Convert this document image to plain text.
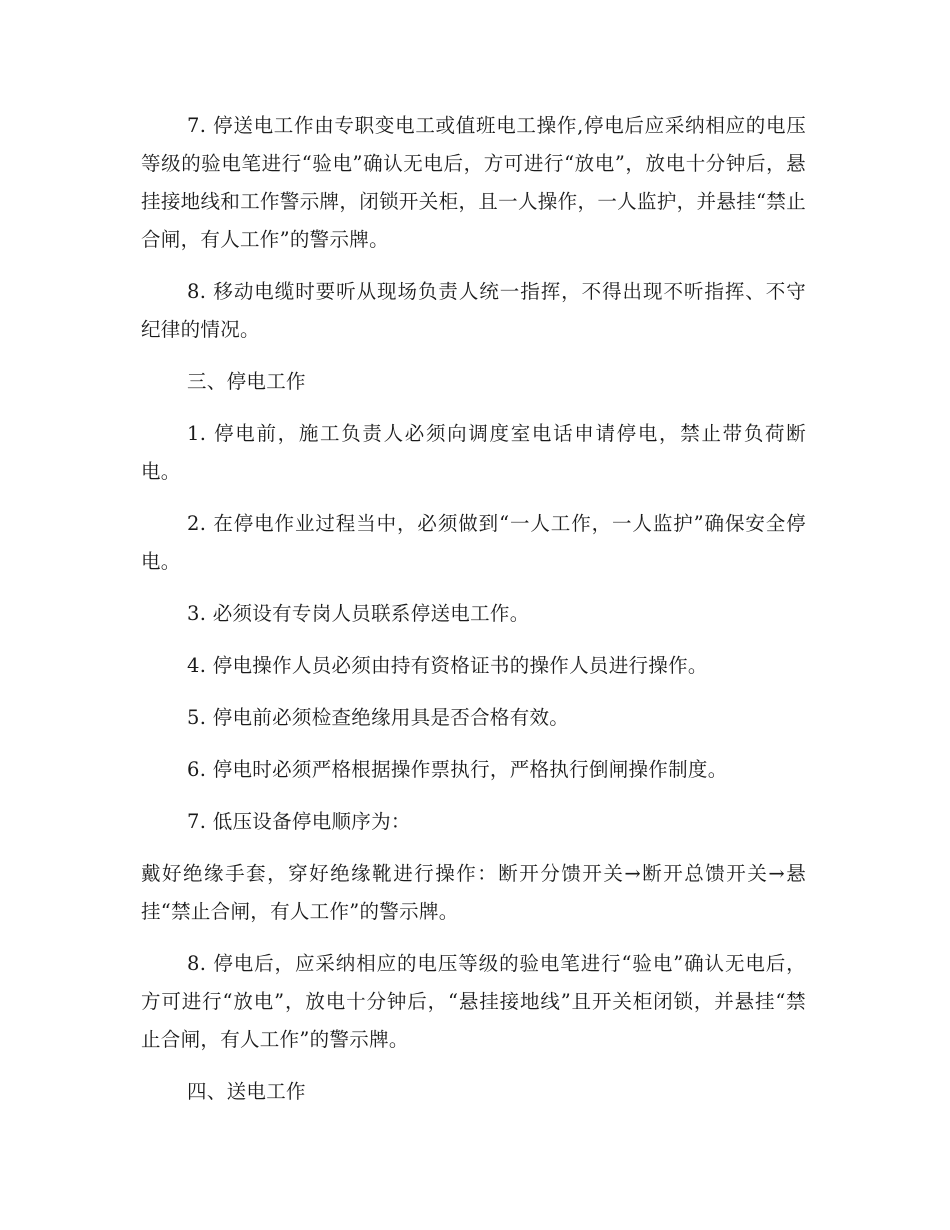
7. 停送电工作由专职变电工或值班电工操作,停电后应采纳相应的电压等级的验电笔进行“验电”确认无电后，方可进行“放电”，放电十分钟后，悬挂接地线和工作警示牌，闭锁开关柜，且一人操作，一人监护，并悬挂“禁止合闸，有人工作”的警示牌。

8. 移动电缆时要听从现场负责人统一指挥，不得出现不听指挥、不守纪律的情况。

三、停电工作

1. 停电前，施工负责人必须向调度室电话申请停电，禁止带负荷断电。

2. 在停电作业过程当中，必须做到“一人工作，一人监护”确保安全停电。

3. 必须设有专岗人员联系停送电工作。

4. 停电操作人员必须由持有资格证书的操作人员进行操作。

5. 停电前必须检查绝缘用具是否合格有效。

6. 停电时必须严格根据操作票执行，严格执行倒闸操作制度。

7. 低压设备停电顺序为：

戴好绝缘手套，穿好绝缘靴进行操作：断开分馈开关→断开总馈开关→悬挂“禁止合闸，有人工作”的警示牌。

8. 停电后，应采纳相应的电压等级的验电笔进行“验电”确认无电后，方可进行“放电”，放电十分钟后，“悬挂接地线”且开关柜闭锁，并悬挂“禁止合闸，有人工作”的警示牌。

四、送电工作
